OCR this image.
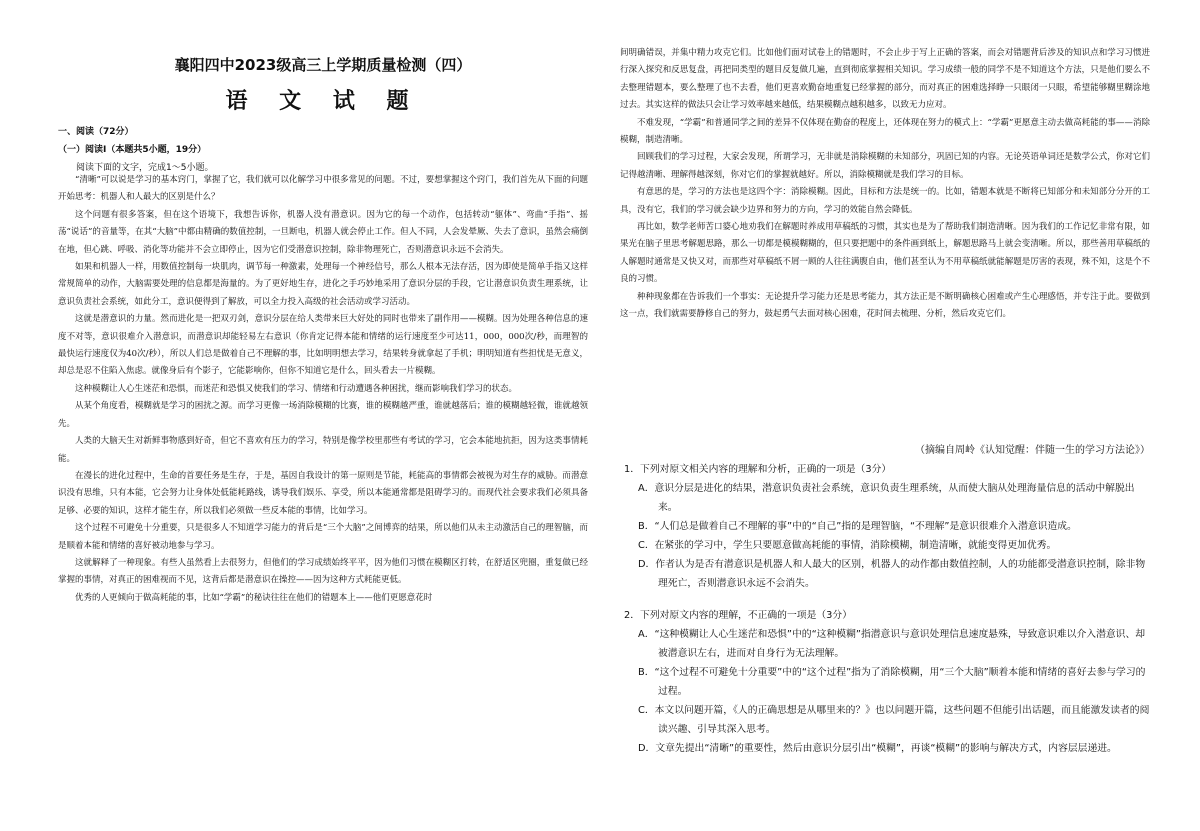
襄阳四中2023级高三上学期质量检测（四）
语 文 试 题

一、阅读（72分）

（一）阅读Ⅰ（本题共5小题，19分）

阅读下面的文字，完成1～5小题。

“清晰”可以说是学习的基本窍门，掌握了它，我们就可以化解学习中很多常见的问题。不过，要想掌握这个窍门，我们首先从下面的问题开始思考：机器人和人最大的区别是什么？

这个问题有很多答案，但在这个语境下，我想告诉你，机器人没有潜意识。因为它的每一个动作，包括转动“躯体”、弯曲“手指”、摇荡“说话”的音量等，在其“大脑”中都由精确的数值控制，一旦断电，机器人就会停止工作。但人不同，人会发晕厥、失去了意识，虽然会痛倒在地，但心跳、呼吸、消化等功能并不会立即停止，因为它们受潜意识控制，除非物理死亡，否则潜意识永远不会消失。

如果和机器人一样，用数值控制每一块肌肉，调节每一种激素，处理每一个神经信号，那么人根本无法存活，因为即使是简单手指又这样常规简单的动作，大脑需要处理的信息都是海量的。为了更好地生存，进化之手巧妙地采用了意识分层的手段，它让潜意识负责生理系统，让意识负责社会系统，如此分工，意识便得到了解放，可以全力投入高级的社会活动或学习活动。

这就是潜意识的力量。然而进化是一把双刃剑，意识分层在给人类带来巨大好处的同时也带来了副作用——模糊。因为处理各种信息的速度不对等，意识很难介入潜意识，而潜意识却能轻易左右意识（你肯定记得本能和情绪的运行速度至少可达11，000，000次/秒，而理智的最快运行速度仅为40次/秒），所以人们总是做着自己不理解的事，比如明明想去学习，结果转身就拿起了手机；明明知道有些担忧是无意义，却总是忍不住陷入焦虑。就像身后有个影子，它能影响你，但你不知道它是什么，回头看去一片模糊。

这种模糊让人心生迷茫和恐惧，而迷茫和恐惧又使我们的学习、情绪和行动遭遇各种困扰，继而影响我们学习的状态。

从某个角度看，模糊就是学习的困扰之源。而学习更像一场消除模糊的比赛，谁的模糊越严重，谁就越落后；谁的模糊越轻微，谁就越领先。

人类的大脑天生对新鲜事物感到好奇，但它不喜欢有压力的学习，特别是像学校里那些有考试的学习，它会本能地抗拒，因为这类事情耗能。

在漫长的进化过程中，生命的首要任务是生存，于是，基因自我设计的第一原则是节能，耗能高的事情都会被视为对生存的威胁。而潜意识没有思维，只有本能，它会努力让身体处低能耗路线，诱导我们娱乐、享受，所以本能通常都是阻碍学习的。而现代社会要求我们必须具备足够、必要的知识，这样才能生存，所以我们必须做一些反本能的事情，比如学习。

这个过程不可避免十分重要，只是很多人不知道学习能力的背后是“三个大脑”之间博弈的结果，所以他们从未主动激活自己的理智脑，而是顺着本能和情绪的喜好被动地参与学习。

这就解释了一种现象。有些人虽然看上去很努力，但他们的学习成绩始终平平，因为他们习惯在模糊区打转，在舒适区兜圈，重复做已经掌握的事情，对真正的困难视而不见，这背后都是潜意识在操控——因为这种方式耗能更低。

优秀的人更倾向于做高耗能的事，比如“学霸”的秘诀往往在他们的错题本上——他们更愿意花时

间明确错误，并集中精力攻克它们。比如他们面对试卷上的错题时，不会止步于写上正确的答案，而会对错题背后涉及的知识点和学习习惯进行深入探究和反思复盘，再把同类型的题目反复做几遍，直到彻底掌握相关知识。学习成绩一般的同学不是不知道这个方法，只是他们要么不去整理错题本，要么整理了也不去看，他们更喜欢勤奋地重复已经掌握的部分，而对真正的困难选择睁一只眼闭一只眼，希望能够糊里糊涂地过去。其实这样的做法只会让学习效率越来越低，结果模糊点越积越多，以致无力应对。

不难发现，“学霸”和普通同学之间的差异不仅体现在勤奋的程度上，还体现在努力的模式上：“学霸”更愿意主动去做高耗能的事——消除模糊，制造清晰。

回顾我们的学习过程，大家会发现，所谓学习，无非就是消除模糊的未知部分，巩固已知的内容。无论英语单词还是数学公式，你对它们记得越清晰、理解得越深刻，你对它们的掌握就越好。所以，消除模糊就是我们学习的目标。

有意思的是，学习的方法也是这四个字：消除模糊。因此，目标和方法是统一的。比如，错题本就是不断将已知部分和未知部分分开的工具，没有它，我们的学习就会缺少边界和努力的方向，学习的效能自然会降低。

再比如，数学老师苦口婆心地劝我们在解题时养成用草稿纸的习惯，其实也是为了帮助我们制造清晰。因为我们的工作记忆非常有限，如果光在脑子里思考解题思路，那么一切都是模模糊糊的，但只要把题中的条件画到纸上，解题思路马上就会变清晰。所以，那些善用草稿纸的人解题时通常是又快又对，而那些对草稿纸不屑一顾的人往往满腹自由，他们甚至认为不用草稿纸就能解题是厉害的表现，殊不知，这是个不良的习惯。

种种现象都在告诉我们一个事实：无论提升学习能力还是思考能力，其方法正是不断明确核心困难或产生心理感悟，并专注于此。要做到这一点，我们就需要静修自己的努力，鼓起勇气去面对核心困难，花时间去梳理、分析，然后攻克它们。

（摘编自周岭《认知觉醒：伴随一生的学习方法论》）

1．下列对原文相关内容的理解和分析，正确的一项是（3分）

A．意识分层是进化的结果，潜意识负责社会系统，意识负责生理系统，从而使大脑从处理海量信息的活动中解脱出来。

B．“人们总是做着自己不理解的事”中的“自己”指的是理智脑，“不理解”是意识很难介入潜意识造成。

C．在紧张的学习中，学生只要愿意做高耗能的事情，消除模糊，制造清晰，就能变得更加优秀。

D．作者认为是否有潜意识是机器人和人最大的区别，机器人的动作都由数值控制，人的功能都受潜意识控制，除非物理死亡，否则潜意识永远不会消失。

2．下列对原文内容的理解，不正确的一项是（3分）

A．“这种模糊让人心生迷茫和恐惧”中的“这种模糊”指潜意识与意识处理信息速度悬殊，导致意识难以介入潜意识、却被潜意识左右，进而对自身行为无法理解。

B．“这个过程不可避免十分重要”中的“这个过程”指为了消除模糊，用“三个大脑”顺着本能和情绪的喜好去参与学习的过程。

C．本文以问题开篇，《人的正确思想是从哪里来的？》也以问题开篇，这些问题不但能引出话题，而且能激发读者的阅读兴趣、引导其深入思考。

D．文章先提出“清晰”的重要性，然后由意识分层引出“模糊”，再谈“模糊”的影响与解决方式，内容层层递进。
